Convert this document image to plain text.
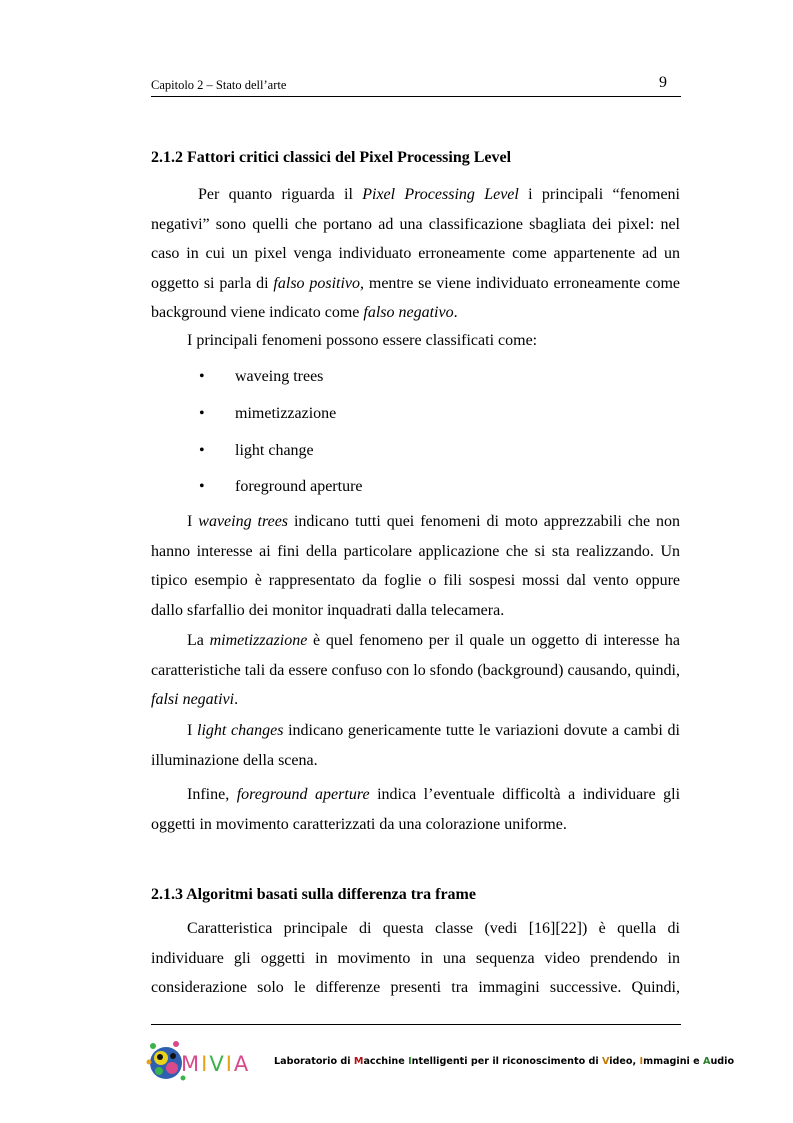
Capitolo 2 – Stato dell’arte	9
2.1.2 Fattori critici classici del Pixel Processing Level

Per quanto riguarda il Pixel Processing Level i principali “fenomeni
negativi” sono quelli che portano ad una classificazione sbagliata dei pixel: nel
caso in cui un pixel venga individuato erroneamente come appartenente ad un
oggetto si parla di falso positivo, mentre se viene individuato erroneamente come
background viene indicato come falso negativo.

I principali fenomeni possono essere classificati come:

• waveing trees
• mimetizzazione
• light change
• foreground aperture

I waveing trees indicano tutti quei fenomeni di moto apprezzabili che non
hanno interesse ai fini della particolare applicazione che si sta realizzando. Un
tipico esempio è rappresentato da foglie o fili sospesi mossi dal vento oppure
dallo sfarfallio dei monitor inquadrati dalla telecamera.

La mimetizzazione è quel fenomeno per il quale un oggetto di interesse ha
caratteristiche tali da essere confuso con lo sfondo (background) causando, quindi,
falsi negativi.

I light changes indicano genericamente tutte le variazioni dovute a cambi di
illuminazione della scena.

Infine, foreground aperture indica l’eventuale difficoltà a individuare gli
oggetti in movimento caratterizzati da una colorazione uniforme.

2.1.3 Algoritmi basati sulla differenza tra frame

Caratteristica principale di questa classe (vedi [16][22]) è quella di
individuare gli oggetti in movimento in una sequenza video prendendo in
considerazione solo le differenze presenti tra immagini successive. Quindi,

MIVIA Laboratorio di Macchine Intelligenti per il riconoscimento di Video, Immagini e Audio
